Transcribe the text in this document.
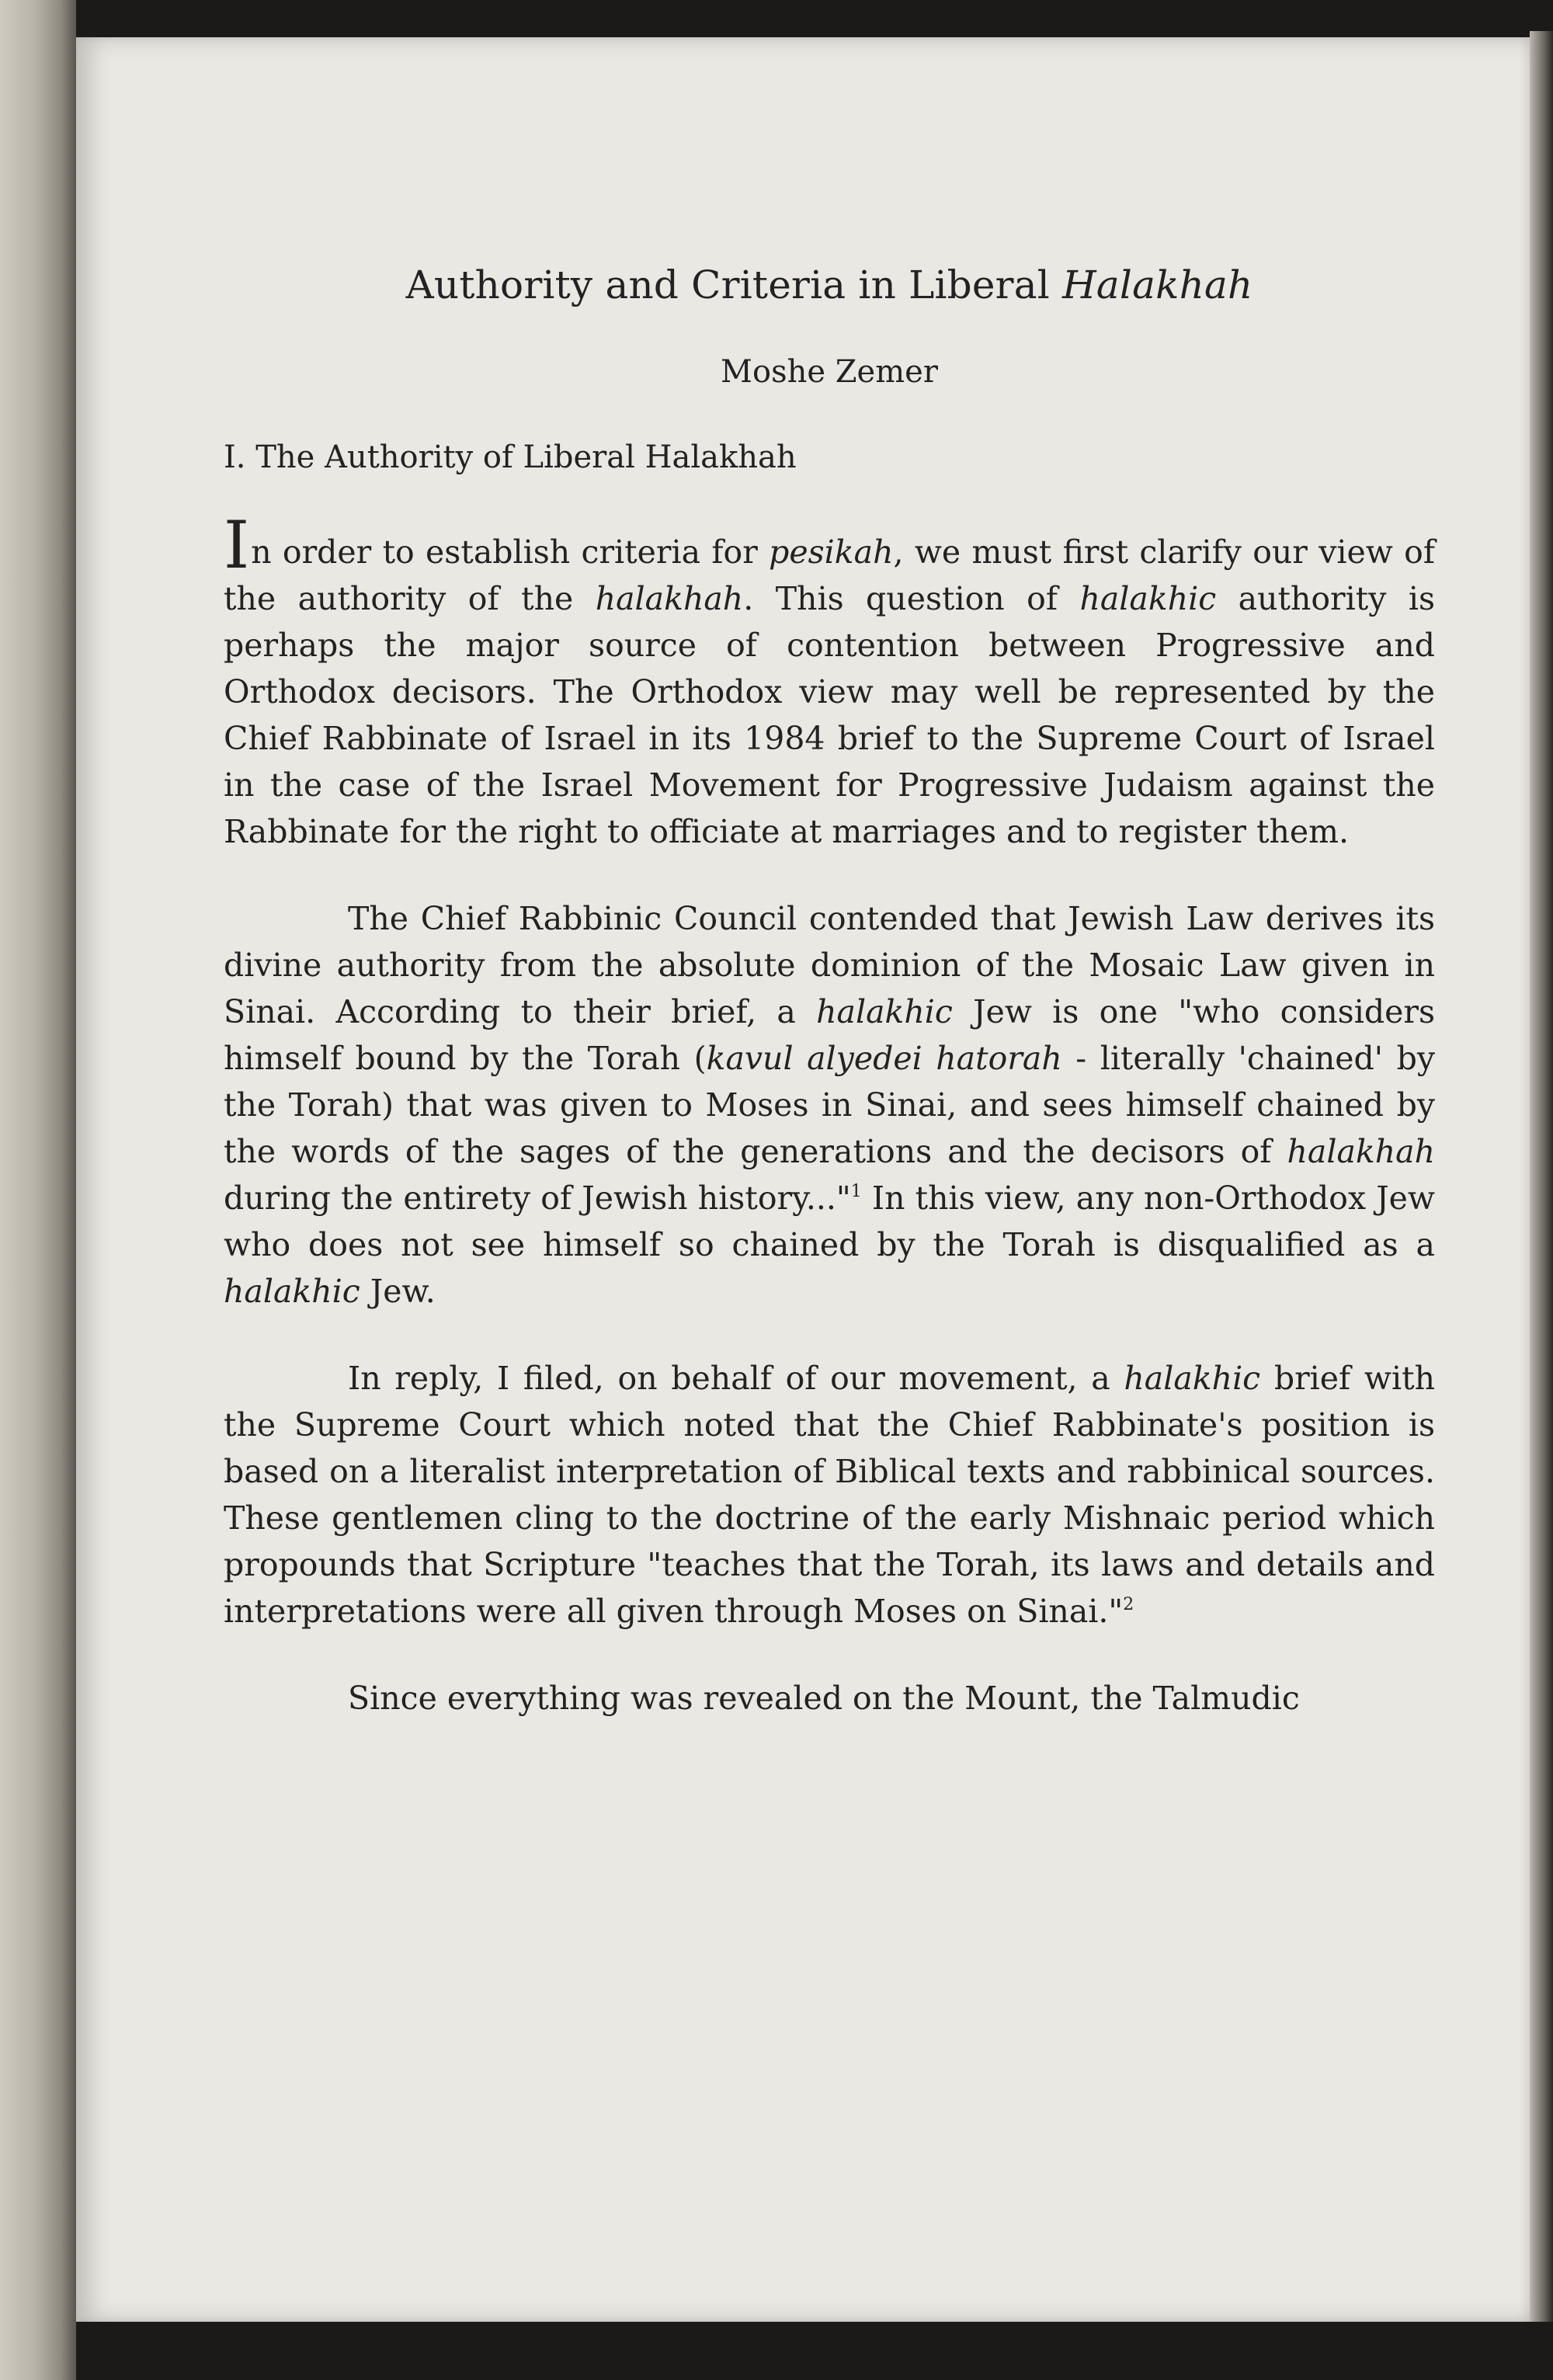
Authority and Criteria in Liberal Halakhah
Moshe Zemer
I. The Authority of Liberal Halakhah

In order to establish criteria for pesikah, we must first clarify our view of the authority of the halakhah. This question of halakhic authority is perhaps the major source of contention between Progressive and Orthodox decisors. The Orthodox view may well be represented by the Chief Rabbinate of Israel in its 1984 brief to the Supreme Court of Israel in the case of the Israel Movement for Progressive Judaism against the Rabbinate for the right to officiate at marriages and to register them.

The Chief Rabbinic Council contended that Jewish Law derives its divine authority from the absolute dominion of the Mosaic Law given in Sinai. According to their brief, a halakhic Jew is one "who considers himself bound by the Torah (kavul alyedei hatorah - literally 'chained' by the Torah) that was given to Moses in Sinai, and sees himself chained by the words of the sages of the generations and the decisors of halakhah during the entirety of Jewish history..."$^1$ In this view, any non-Orthodox Jew who does not see himself so chained by the Torah is disqualified as a halakhic Jew.

In reply, I filed, on behalf of our movement, a halakhic brief with the Supreme Court which noted that the Chief Rabbinate's position is based on a literalist interpretation of Biblical texts and rabbinical sources. These gentlemen cling to the doctrine of the early Mishnaic period which propounds that Scripture "teaches that the Torah, its laws and details and interpretations were all given through Moses on Sinai."$^2$

Since everything was revealed on the Mount, the Talmudic
